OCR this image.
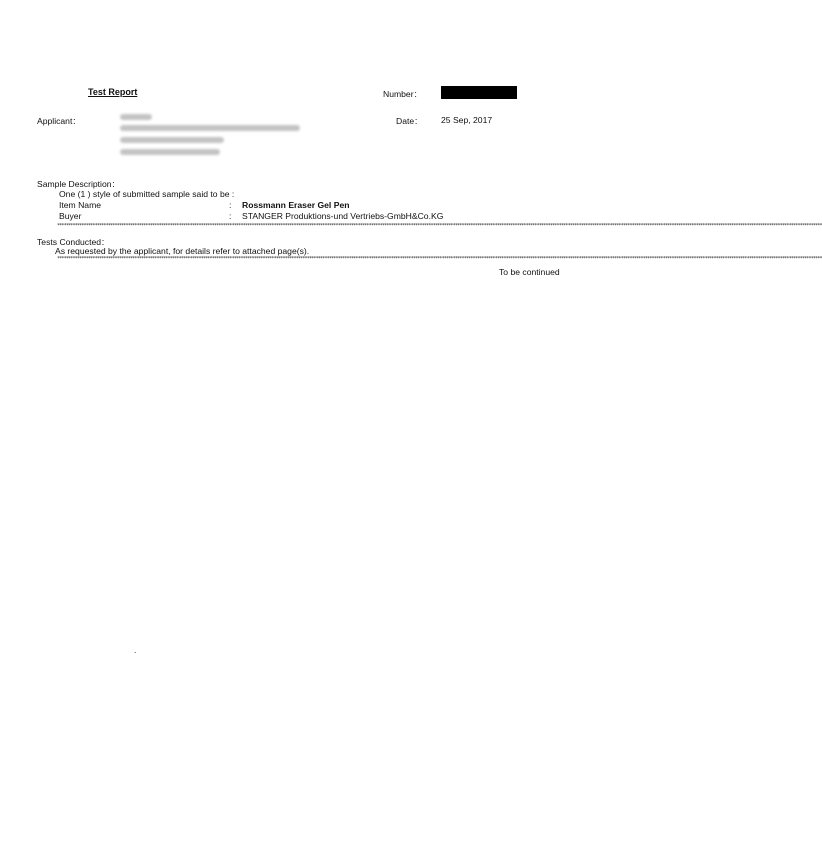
Test Report	Number：
Applicant：	Date： 25 Sep, 2017
Sample Description：
One (1 ) style of submitted sample said to be :
Item Name	: Rossmann Eraser Gel Pen
Buyer	: STANGER Produktions-und Vertriebs-GmbH&Co.KG
**********************************************************************************************************************************************************************************************************************************************************************************************************************************************************
Tests Conducted：
As requested by the applicant, for details refer to attached page(s).
**********************************************************************************************************************************************************************************************************************************************************************************************************************************************************
To be continued
.
